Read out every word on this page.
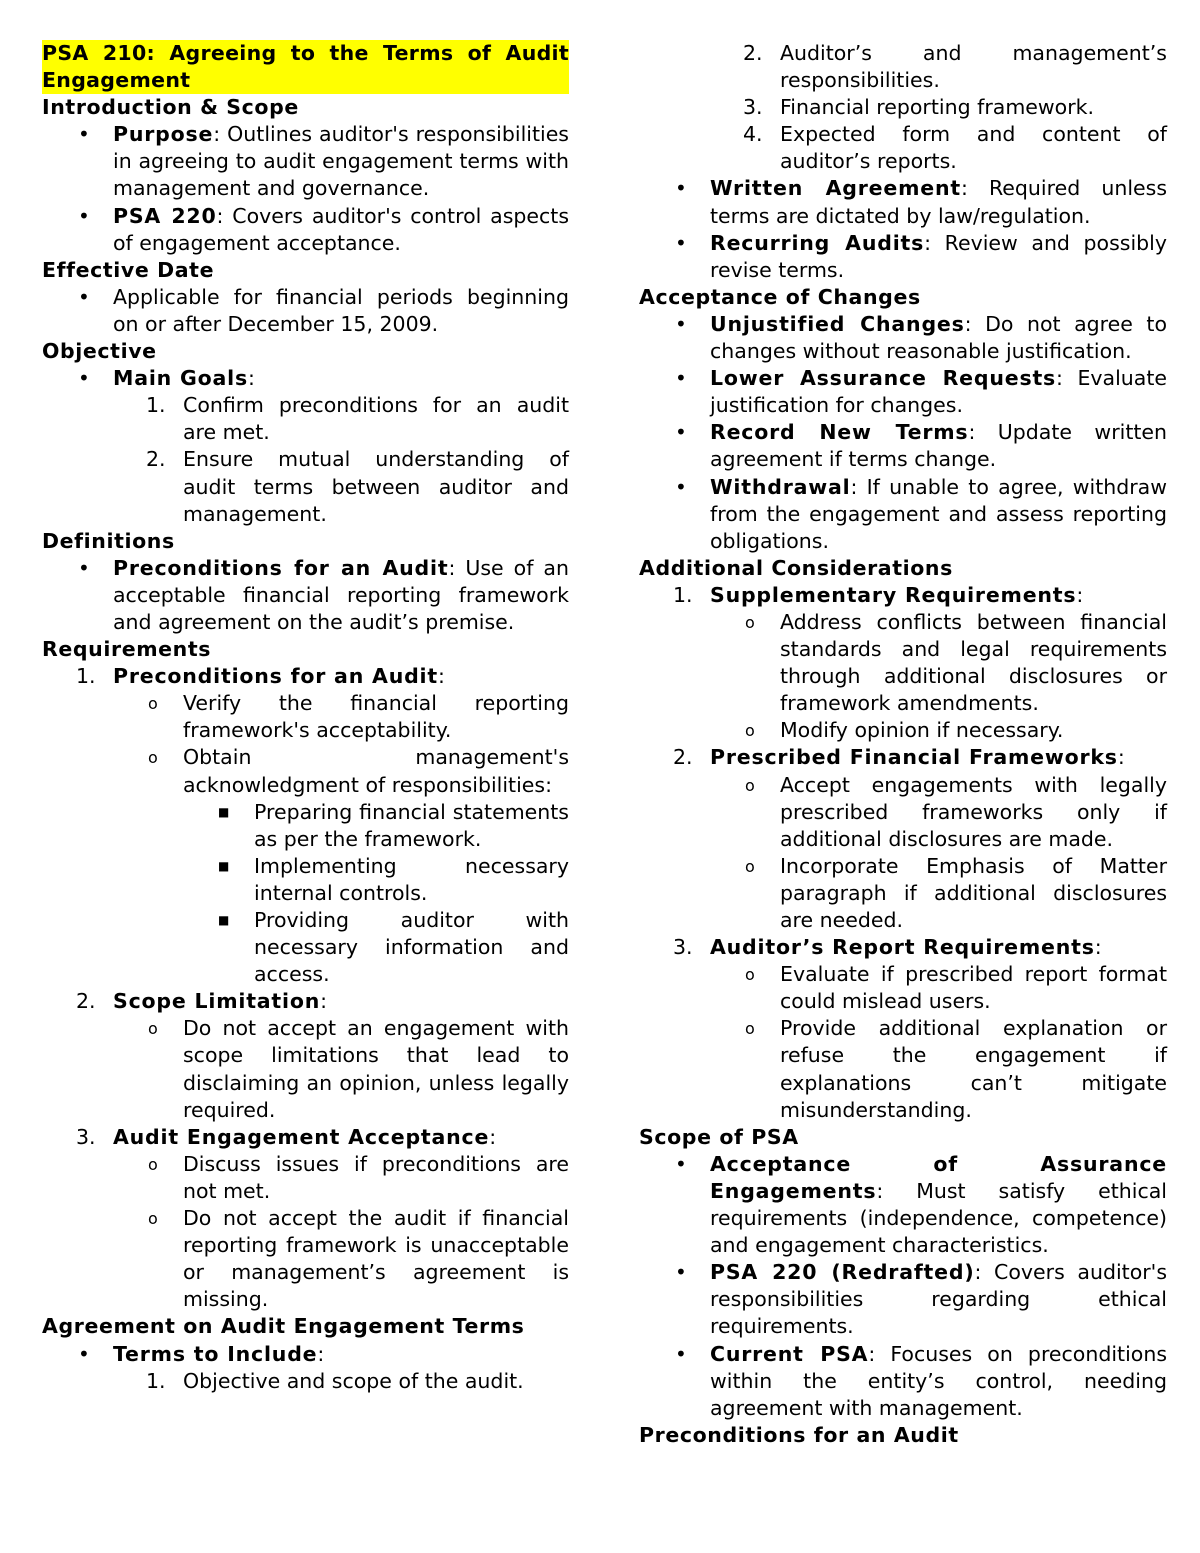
PSA 210: Agreeing to the Terms of Audit Engagement
Introduction & Scope
•	Purpose: Outlines auditor's responsibilities in agreeing to audit engagement terms with management and governance.
•	PSA 220: Covers auditor's control aspects of engagement acceptance.
Effective Date
•	Applicable for financial periods beginning on or after December 15, 2009.
Objective
•	Main Goals:
1. Confirm preconditions for an audit are met.
2. Ensure mutual understanding of audit terms between auditor and management.
Definitions
•	Preconditions for an Audit: Use of an acceptable financial reporting framework and agreement on the audit’s premise.
Requirements
1. Preconditions for an Audit:
o	Verify the financial reporting framework's acceptability.
o	Obtain management's acknowledgment of responsibilities:
■	Preparing financial statements as per the framework.
■	Implementing necessary internal controls.
■	Providing auditor with necessary information and access.
2. Scope Limitation:
o	Do not accept an engagement with scope limitations that lead to disclaiming an opinion, unless legally required.
3. Audit Engagement Acceptance:
o	Discuss issues if preconditions are not met.
o	Do not accept the audit if financial reporting framework is unacceptable or management’s agreement is missing.
Agreement on Audit Engagement Terms
•	Terms to Include:
1. Objective and scope of the audit.
2. Auditor’s and management’s responsibilities.
3. Financial reporting framework.
4. Expected form and content of auditor’s reports.
•	Written Agreement: Required unless terms are dictated by law/regulation.
•	Recurring Audits: Review and possibly revise terms.
Acceptance of Changes
•	Unjustified Changes: Do not agree to changes without reasonable justification.
•	Lower Assurance Requests: Evaluate justification for changes.
•	Record New Terms: Update written agreement if terms change.
•	Withdrawal: If unable to agree, withdraw from the engagement and assess reporting obligations.
Additional Considerations
1. Supplementary Requirements:
o	Address conflicts between financial standards and legal requirements through additional disclosures or framework amendments.
o	Modify opinion if necessary.
2. Prescribed Financial Frameworks:
o	Accept engagements with legally prescribed frameworks only if additional disclosures are made.
o	Incorporate Emphasis of Matter paragraph if additional disclosures are needed.
3. Auditor’s Report Requirements:
o	Evaluate if prescribed report format could mislead users.
o	Provide additional explanation or refuse the engagement if explanations can’t mitigate misunderstanding.
Scope of PSA
•	Acceptance of Assurance Engagements: Must satisfy ethical requirements (independence, competence) and engagement characteristics.
•	PSA 220 (Redrafted): Covers auditor's responsibilities regarding ethical requirements.
•	Current PSA: Focuses on preconditions within the entity’s control, needing agreement with management.
Preconditions for an Audit
